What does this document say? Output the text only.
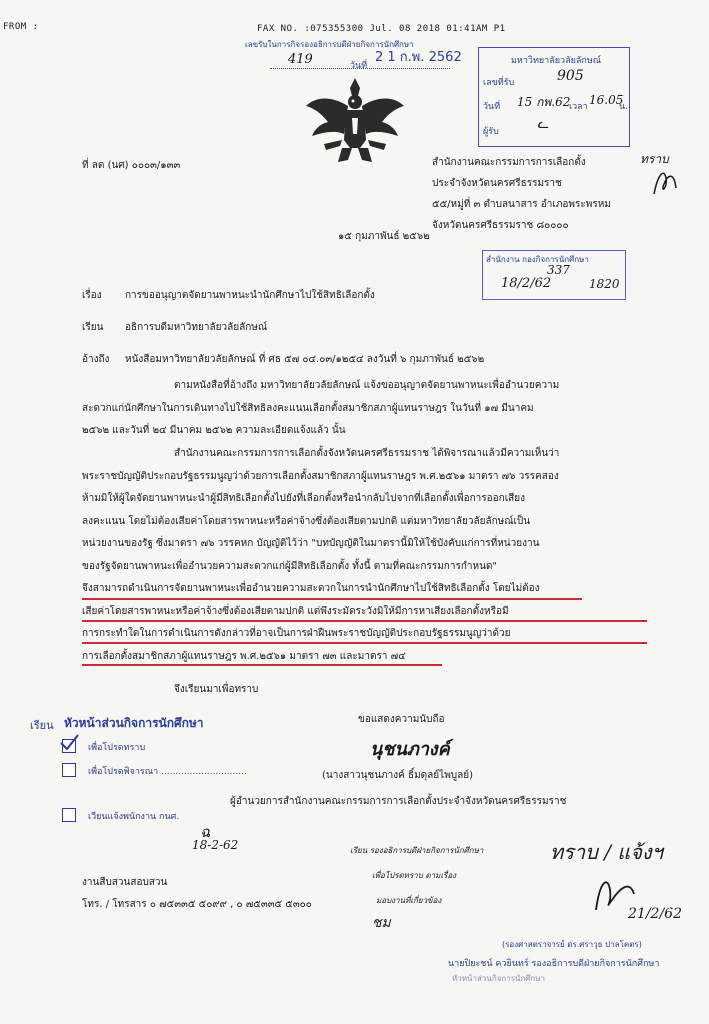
FROM :	FAX NO. :075355300 Jul. 08 2018 01:41AM P1
เลขรับในการกิจรองอธิการบดีฝ่ายกิจการนักศึกษา
419	วันที่
2 1 ก.พ. 2562	มหาวิทยาลัยวลัยลักษณ์
เลขที่รับ	905
วันที่ 15 กพ.62
เวลา 16.05
น.
ผู้รับ	ᓚ
ที่ ลต (นศ) ๐๐๐๓/๑๓๓	สำนักงานคณะกรรมการการเลือกตั้ง
ประจำจังหวัดนครศรีธรรมราช
๕๕/หมู่ที่ ๓ ตำบลนาสาร อำเภอพระพรหม
จังหวัดนครศรีธรรมราช ๘๐๐๐๐
ทราบ
๑๕ กุมภาพันธ์ ๒๕๖๒
สำนักงาน กองกิจการนักศึกษา
337
18/2/62	1820
เรื่อง การขออนุญาตจัดยานพาหนะนำนักศึกษาไปใช้สิทธิเลือกตั้ง
เรียน อธิการบดีมหาวิทยาลัยวลัยลักษณ์
อ้างถึง หนังสือมหาวิทยาลัยวลัยลักษณ์ ที่ ศธ ๕๗ ๐๔.๐๓/๑๒๕๔ ลงวันที่ ๖ กุมภาพันธ์ ๒๕๖๒
ตามหนังสือที่อ้างถึง มหาวิทยาลัยวลัยลักษณ์ แจ้งขออนุญาตจัดยานพาหนะเพื่ออำนวยความ
สะดวกแก่นักศึกษาในการเดินทางไปใช้สิทธิลงคะแนนเลือกตั้งสมาชิกสภาผู้แทนราษฎร ในวันที่ ๑๗ มีนาคม
๒๕๖๒ และวันที่ ๒๔ มีนาคม ๒๕๖๒ ความละเอียดแจ้งแล้ว นั้น
สำนักงานคณะกรรมการการเลือกตั้งจังหวัดนครศรีธรรมราช ได้พิจารณาแล้วมีความเห็นว่า
พระราชบัญญัติประกอบรัฐธรรมนูญว่าด้วยการเลือกตั้งสมาชิกสภาผู้แทนราษฎร พ.ศ.๒๕๖๑ มาตรา ๗๖ วรรคสอง
ห้ามมิให้ผู้ใดจัดยานพาหนะนำผู้มีสิทธิเลือกตั้งไปยังที่เลือกตั้งหรือนำกลับไปจากที่เลือกตั้งเพื่อการออกเสียง
ลงคะแนน โดยไม่ต้องเสียค่าโดยสารพาหนะหรือค่าจ้างซึ่งต้องเสียตามปกติ แต่มหาวิทยาลัยวลัยลักษณ์เป็น
หน่วยงานของรัฐ ซึ่งมาตรา ๗๖ วรรคหก บัญญัติไว้ว่า "บทบัญญัติในมาตรานี้มิให้ใช้บังคับแก่การที่หน่วยงาน
ของรัฐจัดยานพาหนะเพื่ออำนวยความสะดวกแก่ผู้มีสิทธิเลือกตั้ง ทั้งนี้ ตามที่คณะกรรมการกำหนด"
จึงสามารถดำเนินการจัดยานพาหนะเพื่ออำนวยความสะดวกในการนำนักศึกษาไปใช้สิทธิเลือกตั้ง โดยไม่ต้อง
เสียค่าโดยสารพาหนะหรือค่าจ้างซึ่งต้องเสียตามปกติ แต่พึงระมัดระวังมิให้มีการหาเสียงเลือกตั้งหรือมี
การกระทำใดในการดำเนินการดังกล่าวที่อาจเป็นการฝ่าฝืนพระราชบัญญัติประกอบรัฐธรรมนูญว่าด้วย
การเลือกตั้งสมาชิกสภาผู้แทนราษฎร พ.ศ.๒๕๖๑ มาตรา ๗๓ และมาตรา ๗๔
จึงเรียนมาเพื่อทราบ
เรียน หัวหน้าส่วนกิจการนักศึกษา
เพื่อโปรดทราบ
เพื่อโปรดพิจารณา ..............................
เวียนแจ้งพนักงาน กนศ.
ขอแสดงความนับถือ
นุชนภางค์
(นางสาวนุชนภางค์ ธิ์มดุลย์ไพบูลย์)
ผู้อำนวยการสำนักงานคณะกรรมการการเลือกตั้งประจำจังหวัดนครศรีธรรมราช
ฉ
18-2-62	เรียน รองอธิการบดีฝ่ายกิจการนักศึกษา
เพื่อโปรดทราบ ตามเรื่อง
มอบงานที่เกี่ยวข้อง
ชม
ทราบ / แจ้งฯ
21/2/62
งานสืบสวนสอบสวน
โทร. / โทรสาร ๐ ๗๕๓๓๕ ๕๐๙๙ , ๐ ๗๕๓๓๕ ๕๓๐๐
(รองศาสตราจารย์ ดร.ศราวุธ ปาลโคตร)
นายปิยะชน์ ควยินทร์ รองอธิการบดีฝ่ายกิจการนักศึกษา
หัวหน้าส่วนกิจการนักศึกษา
